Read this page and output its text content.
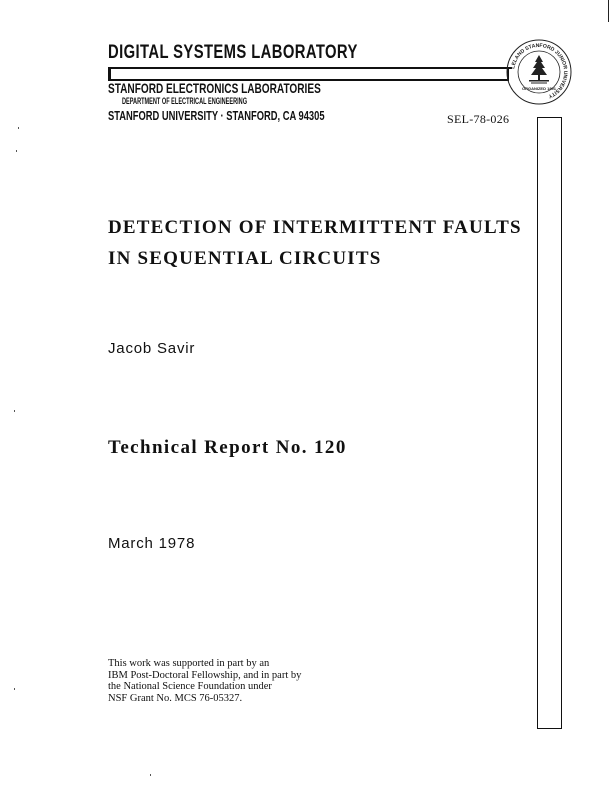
DIGITAL SYSTEMS LABORATORY
STANFORD ELECTRONICS LABORATORIES
DEPARTMENT OF ELECTRICAL ENGINEERING
STANFORD UNIVERSITY · STANFORD, CA 94305	SEL-78-026
LELAND STANFORD JUNIOR UNIVERSITY
ORGANIZED 1891
DETECTION OF INTERMITTENT FAULTS
IN SEQUENTIAL CIRCUITS
Jacob Savir
Technical Report No. 120
March 1978
This work was supported in part by an
IBM Post-Doctoral Fellowship, and in part by
the National Science Foundation under
NSF Grant No. MCS 76-05327.
